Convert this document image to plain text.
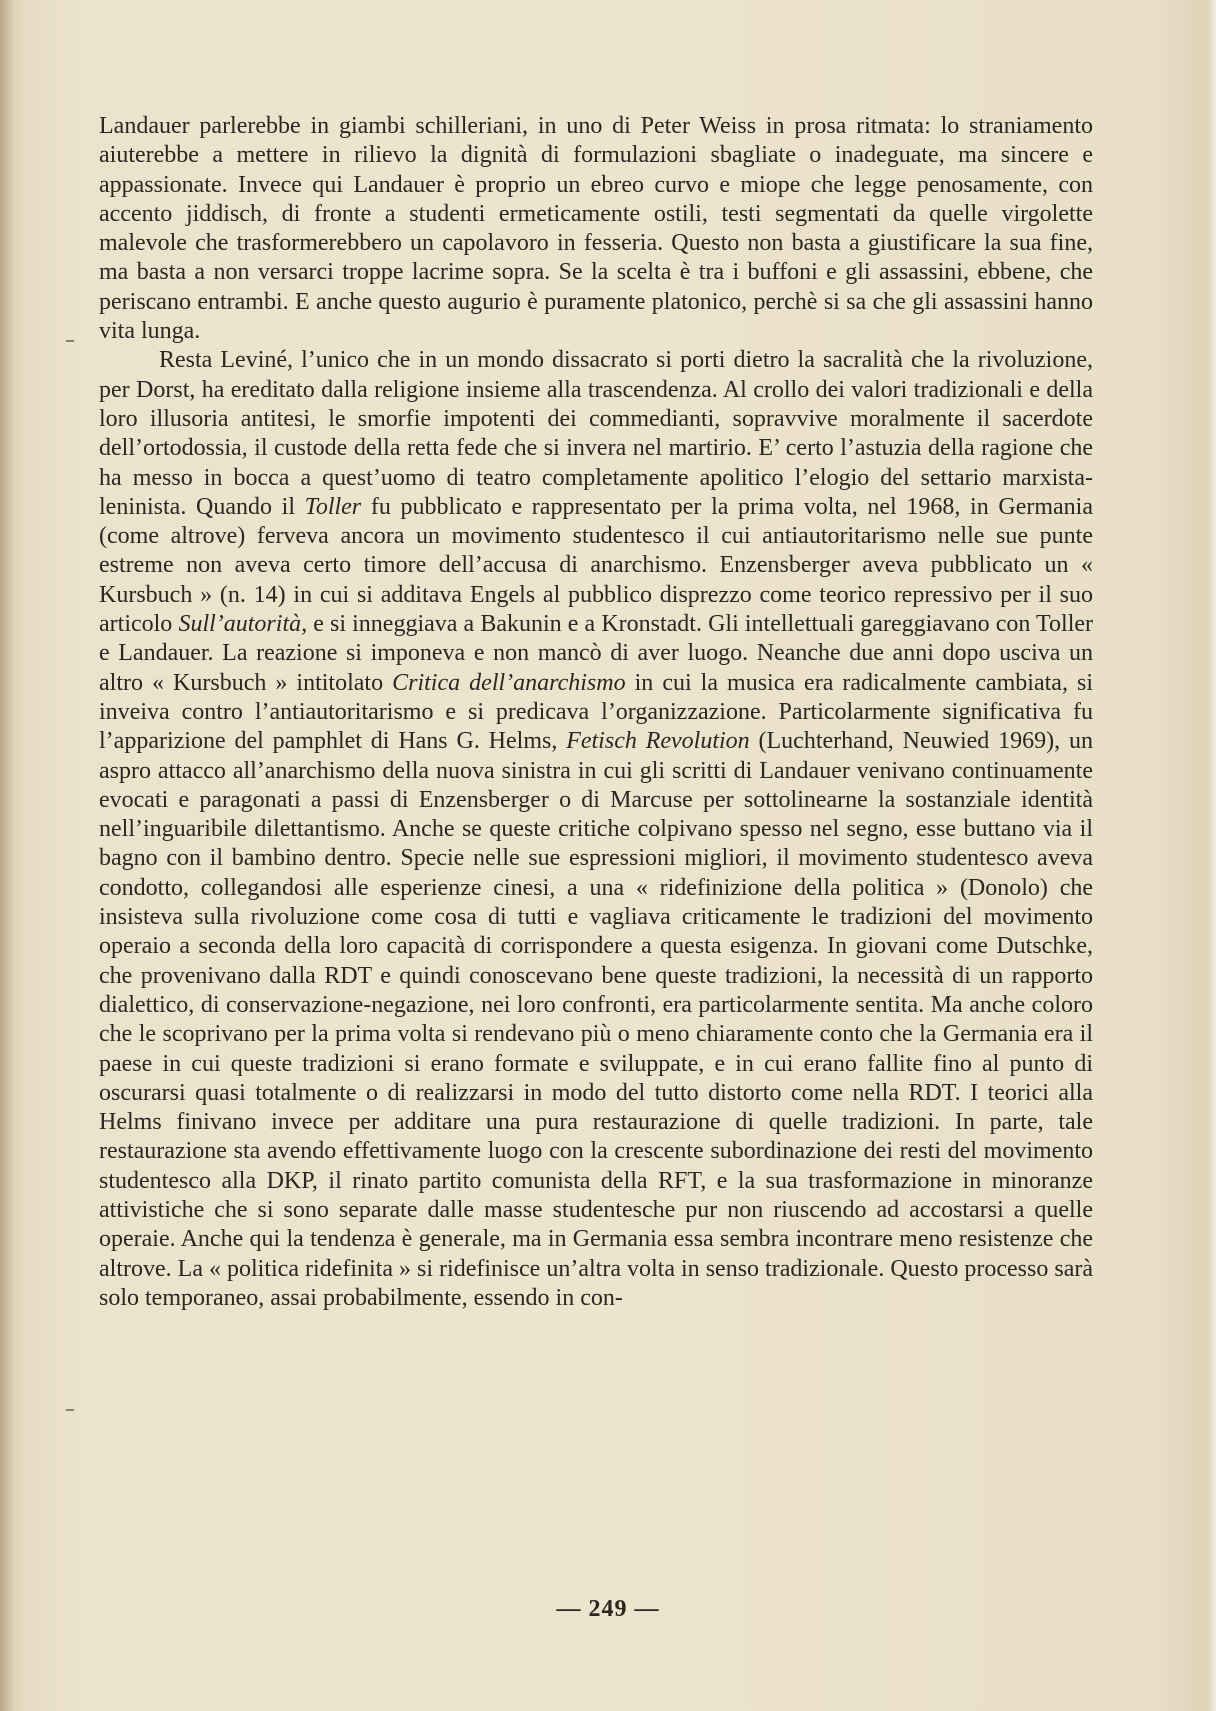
Landauer parlerebbe in giambi schilleriani, in uno di Peter Weiss in prosa ritmata: lo straniamento aiuterebbe a mettere in rilievo la dignità di formulazioni sbagliate o inadeguate, ma sincere e appassionate. Invece qui Landauer è proprio un ebreo curvo e miope che legge penosamente, con accento jiddisch, di fronte a studenti ermeticamente ostili, testi segmentati da quelle virgolette malevole che trasformerebbero un capolavoro in fesseria. Questo non basta a giustificare la sua fine, ma basta a non versarci troppe lacrime sopra. Se la scelta è tra i buffoni e gli assassini, ebbene, che periscano entrambi. E anche questo augurio è puramente platonico, perchè si sa che gli assassini hanno vita lunga.

Resta Leviné, l’unico che in un mondo dissacrato si porti dietro la sacralità che la rivoluzione, per Dorst, ha ereditato dalla religione insieme alla trascendenza. Al crollo dei valori tradizionali e della loro illusoria antitesi, le smorfie impotenti dei commedianti, sopravvive moralmente il sacerdote dell’ortodossia, il custode della retta fede che si invera nel martirio. E’ certo l’astuzia della ragione che ha messo in bocca a quest’uomo di teatro completamente apolitico l’elogio del settario marxista-leninista. Quando il Toller fu pubblicato e rappresentato per la prima volta, nel 1968, in Germania (come altrove) ferveva ancora un movimento studentesco il cui antiautoritarismo nelle sue punte estreme non aveva certo timore dell’accusa di anarchismo. Enzensberger aveva pubblicato un « Kursbuch » (n. 14) in cui si additava Engels al pubblico disprezzo come teorico repressivo per il suo articolo Sull’autorità, e si inneggiava a Bakunin e a Kronstadt. Gli intellettuali gareggiavano con Toller e Landauer. La reazione si imponeva e non mancò di aver luogo. Neanche due anni dopo usciva un altro « Kursbuch » intitolato Critica dell’anarchismo in cui la musica era radicalmente cambiata, si inveiva contro l’antiautoritarismo e si predicava l’organizzazione. Particolarmente significativa fu l’apparizione del pamphlet di Hans G. Helms, Fetisch Revolution (Luchterhand, Neuwied 1969), un aspro attacco all’anarchismo della nuova sinistra in cui gli scritti di Landauer venivano continuamente evocati e paragonati a passi di Enzensberger o di Marcuse per sottolinearne la sostanziale identità nell’inguaribile dilettantismo. Anche se queste critiche colpivano spesso nel segno, esse buttano via il bagno con il bambino dentro. Specie nelle sue espressioni migliori, il movimento studentesco aveva condotto, collegandosi alle esperienze cinesi, a una « ridefinizione della politica » (Donolo) che insisteva sulla rivoluzione come cosa di tutti e vagliava criticamente le tradizioni del movimento operaio a seconda della loro capacità di corrispondere a questa esigenza. In giovani come Dutschke, che provenivano dalla RDT e quindi conoscevano bene queste tradizioni, la necessità di un rapporto dialettico, di conservazione-negazione, nei loro confronti, era particolarmente sentita. Ma anche coloro che le scoprivano per la prima volta si rendevano più o meno chiaramente conto che la Germania era il paese in cui queste tradizioni si erano formate e sviluppate, e in cui erano fallite fino al punto di oscurarsi quasi totalmente o di realizzarsi in modo del tutto distorto come nella RDT. I teorici alla Helms finivano invece per additare una pura restaurazione di quelle tradizioni. In parte, tale restaurazione sta avendo effettivamente luogo con la crescente subordinazione dei resti del movimento studentesco alla DKP, il rinato partito comunista della RFT, e la sua trasformazione in minoranze attivistiche che si sono separate dalle masse studentesche pur non riuscendo ad accostarsi a quelle operaie. Anche qui la tendenza è generale, ma in Germania essa sembra incontrare meno resistenze che altrove. La « politica ridefinita » si ridefinisce un’altra volta in senso tradizionale. Questo processo sarà solo temporaneo, assai probabilmente, essendo in con-

— 249 —
